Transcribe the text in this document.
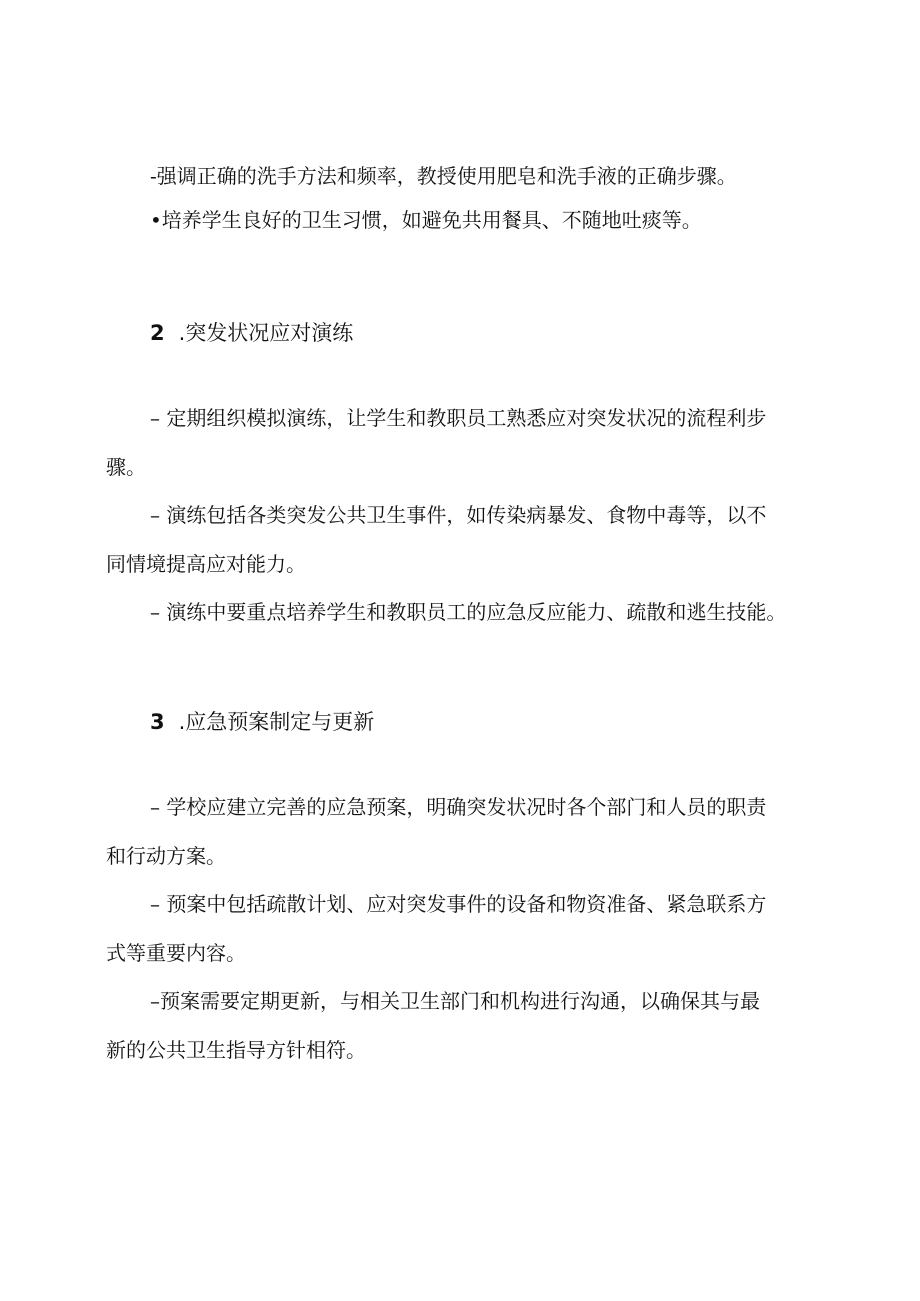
-强调正确的洗手方法和频率，教授使用肥皂和洗手液的正确步骤。
•培养学生良好的卫生习惯，如避免共用餐具、不随地吐痰等。
2 .突发状况应对演练
– 定期组织模拟演练，让学生和教职员工熟悉应对突发状况的流程利步
骤。
– 演练包括各类突发公共卫生事件，如传染病暴发、食物中毒等，以不
同情境提高应对能力。
– 演练中要重点培养学生和教职员工的应急反应能力、疏散和逃生技能。
3 .应急预案制定与更新
– 学校应建立完善的应急预案，明确突发状况时各个部门和人员的职责
和行动方案。
– 预案中包括疏散计划、应对突发事件的设备和物资准备、紧急联系方
式等重要内容。
–预案需要定期更新，与相关卫生部门和机构进行沟通，以确保其与最
新的公共卫生指导方针相符。
